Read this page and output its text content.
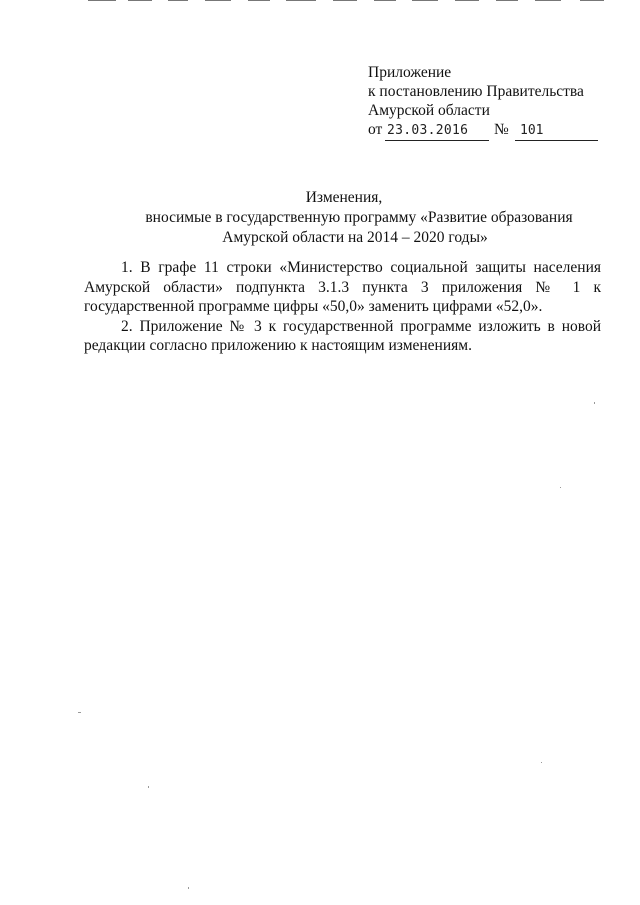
Приложение
к постановлению Правительства
Амурской области
от 23.03.2016 № 101
Изменения,
вносимые в государственную программу «Развитие образования
Амурской области на 2014 – 2020 годы»

1. В графе 11 строки «Министерство социальной защиты населения Амурской области» подпункта 3.1.3 пункта 3 приложения № 1 к государственной программе цифры «50,0» заменить цифрами «52,0».

2. Приложение № 3 к государственной программе изложить в новой редакции согласно приложению к настоящим изменениям.
